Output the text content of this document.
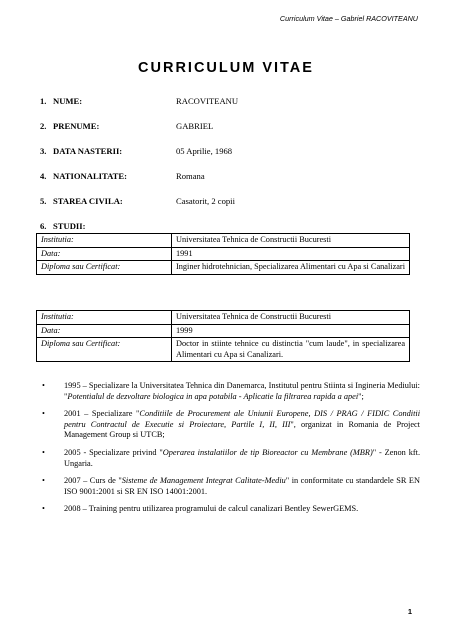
Curriculum Vitae – Gabriel RACOVITEANU
CURRICULUM VITAE
1. NUME:	RACOVITEANU
2. PRENUME:	GABRIEL
3. DATA NASTERII:	05 Aprilie, 1968
4. NATIONALITATE:	Romana
5. STAREA CIVILA:	Casatorit, 2 copii
6. STUDII:
Institutia:	Universitatea Tehnica de Constructii Bucuresti
Data:	1991
Diploma sau Certificat:	Inginer hidrotehnician, Specializarea Alimentari cu Apa si Canalizari
Institutia:	Universitatea Tehnica de Constructii Bucuresti
Data:	1999
Diploma sau Certificat:	Doctor in stiinte tehnice cu distinctia "cum laude", in specializarea Alimentari cu Apa si Canalizari.
• 1995 – Specializare la Universitatea Tehnica din Danemarca, Institutul pentru Stiinta si Ingineria Mediului: "Potentialul de dezvoltare biologica in apa potabila - Aplicatie la filtrarea rapida a apei";
• 2001 – Specializare "Conditiile de Procurement ale Uniunii Europene, DIS / PRAG / FIDIC Conditii pentru Contractul de Executie si Proiectare, Partile I, II, III", organizat in Romania de Project Management Group si UTCB;
• 2005 - Specializare privind "Operarea instalatiilor de tip Bioreactor cu Membrane (MBR)" - Zenon kft. Ungaria.
• 2007 – Curs de "Sisteme de Management Integrat Calitate-Mediu" in conformitate cu standardele SR EN ISO 9001:2001 si SR EN ISO 14001:2001.
• 2008 – Training pentru utilizarea programului de calcul canalizari Bentley SewerGEMS.
1
